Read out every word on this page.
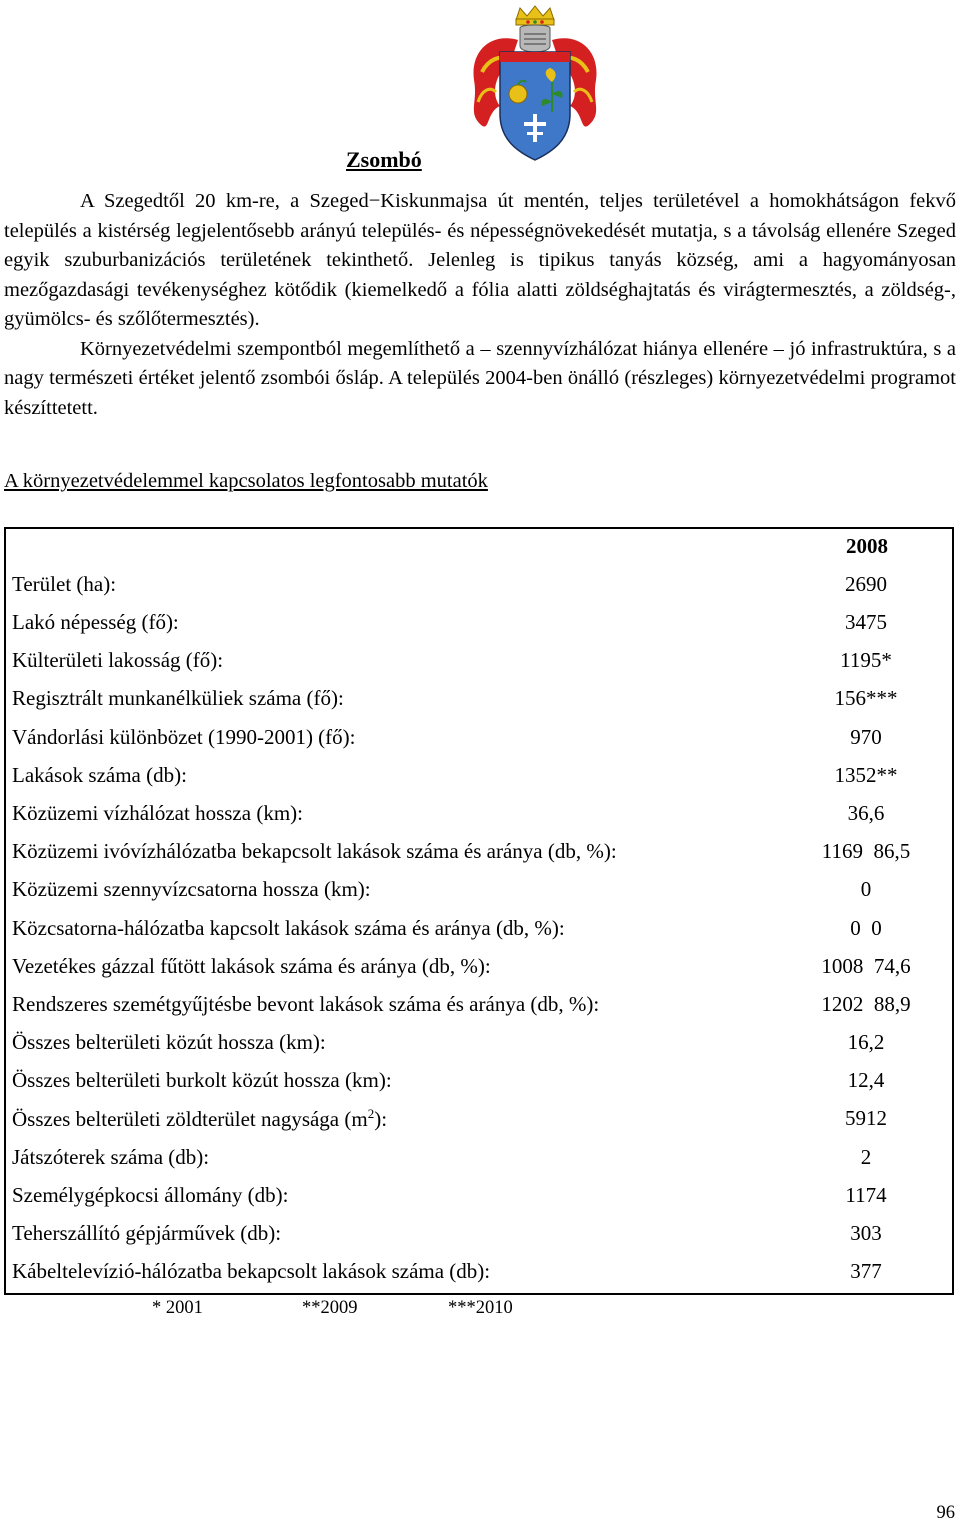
Zsombó

A Szegedtől 20 km-re, a Szeged−Kiskunmajsa út mentén, teljes területével a homokhátságon fekvő település a kistérség legjelentősebb arányú település- és népességnövekedését mutatja, s a távolság ellenére Szeged egyik szuburbanizációs területének tekinthető. Jelenleg is tipikus tanyás község, ami a hagyományosan mezőgazdasági tevékenységhez kötődik (kiemelkedő a fólia alatti zöldséghajtatás és virágtermesztés, a zöldség-, gyümölcs- és szőlőtermesztés).

Környezetvédelmi szempontból megemlíthető a – szennyvízhálózat hiánya ellenére – jó infrastruktúra, s a nagy természeti értéket jelentő zsombói ősláp. A település 2004-ben önálló (részleges) környezetvédelmi programot készíttetett.

A környezetvédelemmel kapcsolatos legfontosabb mutatók
2008
Terület (ha):	2690
Lakó népesség (fő):	3475
Külterületi lakosság (fő):	1195*
Regisztrált munkanélküliek száma (fő):	156***
Vándorlási különbözet (1990-2001) (fő):	970
Lakások száma (db):	1352**
Közüzemi vízhálózat hossza (km):	36,6
Közüzemi ivóvízhálózatba bekapcsolt lakások száma és aránya (db, %):	1169  86,5
Közüzemi szennyvízcsatorna hossza (km):	0
Közcsatorna-hálózatba kapcsolt lakások száma és aránya (db, %):	0  0
Vezetékes gázzal fűtött lakások száma és aránya (db, %):	1008  74,6
Rendszeres szemétgyűjtésbe bevont lakások száma és aránya (db, %):	1202  88,9
Összes belterületi közút hossza (km):	16,2
Összes belterületi burkolt közút hossza (km):	12,4
Összes belterületi zöldterület nagysága $(m^2)$:	5912
Játszóterek száma (db):	2
Személygépkocsi állomány (db):	1174
Teherszállító gépjárművek (db):	303
Kábeltelevízió-hálózatba bekapcsolt lakások száma (db):	377
* 2001	**2009	***2010
96
